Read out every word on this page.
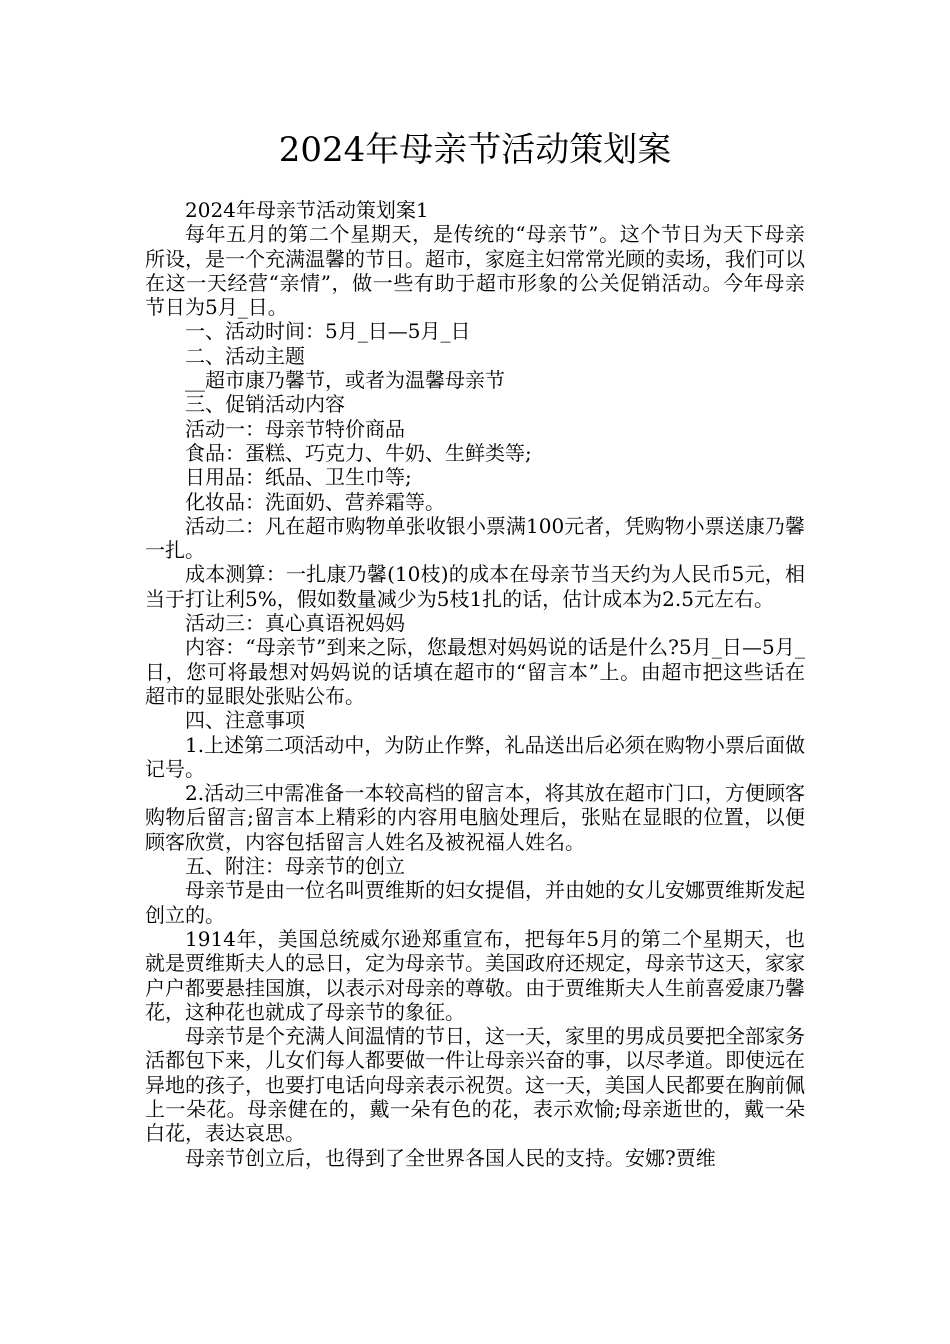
2024年母亲节活动策划案

2024年母亲节活动策划案1

每年五月的第二个星期天，是传统的“母亲节”。这个节日为天下母亲所设，是一个充满温馨的节日。超市，家庭主妇常常光顾的卖场，我们可以在这一天经营“亲情”，做一些有助于超市形象的公关促销活动。今年母亲节日为5月_日。

一、活动时间：5月_日—5月_日

二、活动主题

__超市康乃馨节，或者为温馨母亲节

三、促销活动内容

活动一：母亲节特价商品

食品：蛋糕、巧克力、牛奶、生鲜类等;

日用品：纸品、卫生巾等;

化妆品：洗面奶、营养霜等。

活动二：凡在超市购物单张收银小票满100元者，凭购物小票送康乃馨一扎。

成本测算：一扎康乃馨(10枝)的成本在母亲节当天约为人民币5元，相当于打让利5%，假如数量减少为5枝1扎的话，估计成本为2.5元左右。

活动三：真心真语祝妈妈

内容：“母亲节”到来之际，您最想对妈妈说的话是什么?5月_日—5月_日，您可将最想对妈妈说的话填在超市的“留言本”上。由超市把这些话在超市的显眼处张贴公布。

四、注意事项

1.上述第二项活动中，为防止作弊，礼品送出后必须在购物小票后面做记号。

2.活动三中需准备一本较高档的留言本，将其放在超市门口，方便顾客购物后留言;留言本上精彩的内容用电脑处理后，张贴在显眼的位置，以便顾客欣赏，内容包括留言人姓名及被祝福人姓名。

五、附注：母亲节的创立

母亲节是由一位名叫贾维斯的妇女提倡，并由她的女儿安娜贾维斯发起创立的。

1914年，美国总统威尔逊郑重宣布，把每年5月的第二个星期天，也就是贾维斯夫人的忌日，定为母亲节。美国政府还规定，母亲节这天，家家户户都要悬挂国旗，以表示对母亲的尊敬。由于贾维斯夫人生前喜爱康乃馨花，这种花也就成了母亲节的象征。

母亲节是个充满人间温情的节日，这一天，家里的男成员要把全部家务活都包下来，儿女们每人都要做一件让母亲兴奋的事，以尽孝道。即使远在异地的孩子，也要打电话向母亲表示祝贺。这一天，美国人民都要在胸前佩上一朵花。母亲健在的，戴一朵有色的花，表示欢愉;母亲逝世的，戴一朵白花，表达哀思。

母亲节创立后，也得到了全世界各国人民的支持。安娜?贾维
